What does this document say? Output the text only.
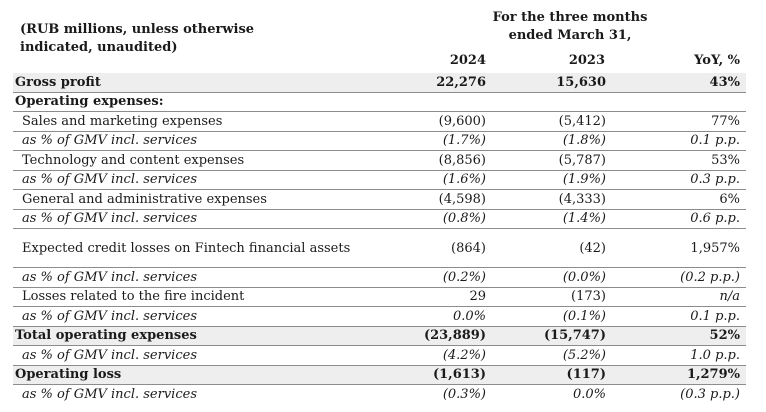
(RUB millions, unless otherwise indicated, unaudited)
For the three months ended March 31,
2024	2023	YoY, %
Gross profit	22,276	15,630	43%
Operating expenses:
Sales and marketing expenses	(9,600)	(5,412)	77%
as % of GMV incl. services	(1.7%)	(1.8%)	0.1 p.p.
Technology and content expenses	(8,856)	(5,787)	53%
as % of GMV incl. services	(1.6%)	(1.9%)	0.3 p.p.
General and administrative expenses	(4,598)	(4,333)	6%
as % of GMV incl. services	(0.8%)	(1.4%)	0.6 p.p.
Expected credit losses on Fintech financial assets	(864)	(42)	1,957%
as % of GMV incl. services	(0.2%)	(0.0%)	(0.2 p.p.)
Losses related to the fire incident	29	(173)	n/a
as % of GMV incl. services	0.0%	(0.1%)	0.1 p.p.
Total operating expenses	(23,889)	(15,747)	52%
as % of GMV incl. services	(4.2%)	(5.2%)	1.0 p.p.
Operating loss	(1,613)	(117)	1,279%
as % of GMV incl. services	(0.3%)	0.0%	(0.3 p.p.)
